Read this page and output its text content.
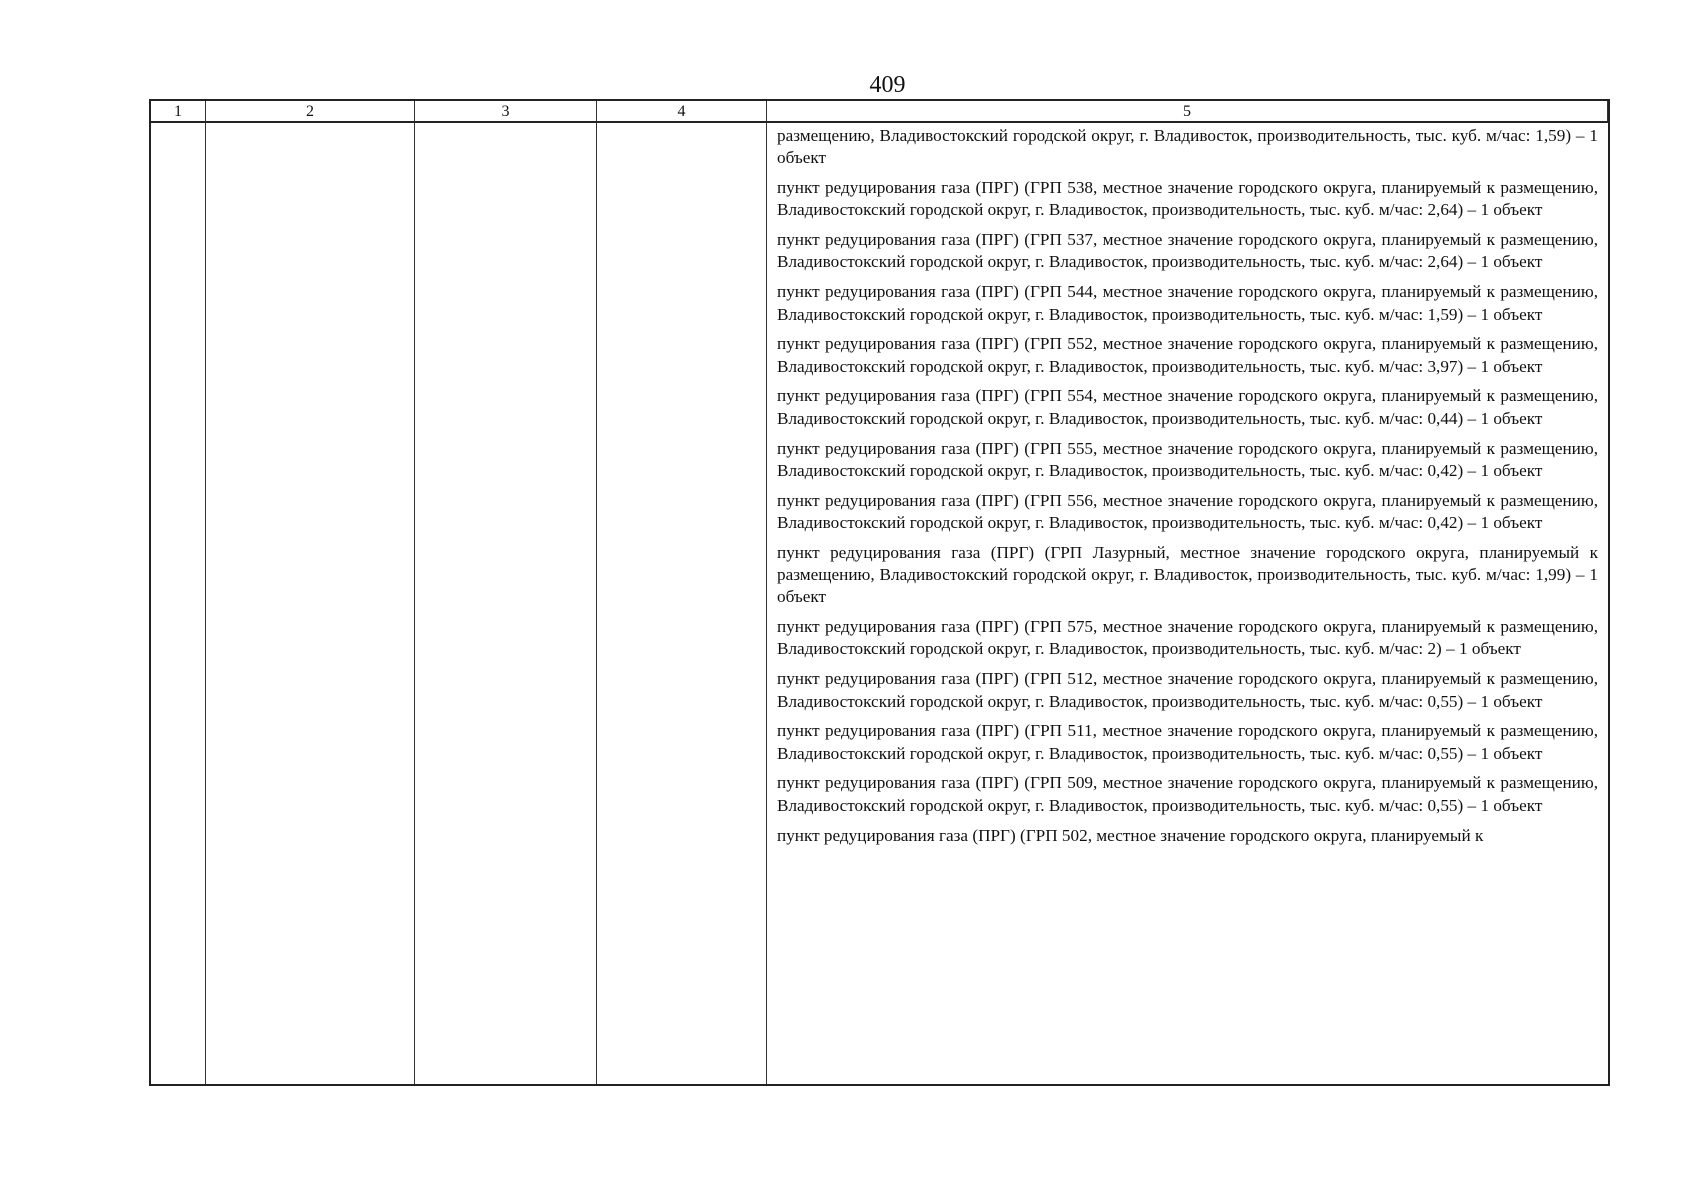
409
1	2	3	4	5
размещению, Владивостокский городской округ, г. Владивосток, производительность, тыс. куб. м/час: 1,59) – 1 объект
пункт редуцирования газа (ПРГ) (ГРП 538, местное значение городского округа, планируемый к размещению, Владивостокский городской округ, г. Владивосток, производительность, тыс. куб. м/час: 2,64) – 1 объект
пункт редуцирования газа (ПРГ) (ГРП 537, местное значение городского округа, планируемый к размещению, Владивостокский городской округ, г. Владивосток, производительность, тыс. куб. м/час: 2,64) – 1 объект
пункт редуцирования газа (ПРГ) (ГРП 544, местное значение городского округа, планируемый к размещению, Владивостокский городской округ, г. Владивосток, производительность, тыс. куб. м/час: 1,59) – 1 объект
пункт редуцирования газа (ПРГ) (ГРП 552, местное значение городского округа, планируемый к размещению, Владивостокский городской округ, г. Владивосток, производительность, тыс. куб. м/час: 3,97) – 1 объект
пункт редуцирования газа (ПРГ) (ГРП 554, местное значение городского округа, планируемый к размещению, Владивостокский городской округ, г. Владивосток, производительность, тыс. куб. м/час: 0,44) – 1 объект
пункт редуцирования газа (ПРГ) (ГРП 555, местное значение городского округа, планируемый к размещению, Владивостокский городской округ, г. Владивосток, производительность, тыс. куб. м/час: 0,42) – 1 объект
пункт редуцирования газа (ПРГ) (ГРП 556, местное значение городского округа, планируемый к размещению, Владивостокский городской округ, г. Владивосток, производительность, тыс. куб. м/час: 0,42) – 1 объект
пункт редуцирования газа (ПРГ) (ГРП Лазурный, местное значение городского округа, планируемый к размещению, Владивостокский городской округ, г. Владивосток, производительность, тыс. куб. м/час: 1,99) – 1 объект
пункт редуцирования газа (ПРГ) (ГРП 575, местное значение городского округа, планируемый к размещению, Владивостокский городской округ, г. Владивосток, производительность, тыс. куб. м/час: 2) – 1 объект
пункт редуцирования газа (ПРГ) (ГРП 512, местное значение городского округа, планируемый к размещению, Владивостокский городской округ, г. Владивосток, производительность, тыс. куб. м/час: 0,55) – 1 объект
пункт редуцирования газа (ПРГ) (ГРП 511, местное значение городского округа, планируемый к размещению, Владивостокский городской округ, г. Владивосток, производительность, тыс. куб. м/час: 0,55) – 1 объект
пункт редуцирования газа (ПРГ) (ГРП 509, местное значение городского округа, планируемый к размещению, Владивостокский городской округ, г. Владивосток, производительность, тыс. куб. м/час: 0,55) – 1 объект
пункт редуцирования газа (ПРГ) (ГРП 502, местное значение городского округа, планируемый к
